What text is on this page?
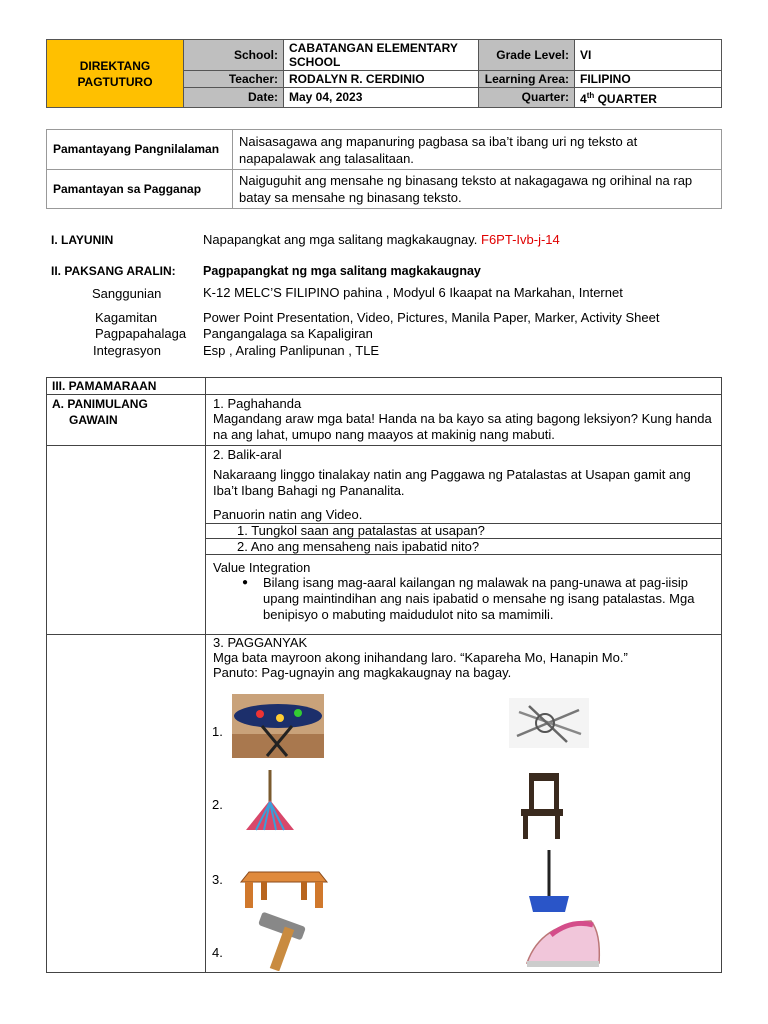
DIREKTANG PAGTUTURO	School:	CABATANGAN ELEMENTARY SCHOOL	Grade Level:	VI
	Teacher:	RODALYN R. CERDINIO	Learning Area:	FILIPINO
	Date:	May 04, 2023	Quarter:	4th QUARTER
Pamantayang Pangnilalaman	Naisasagawa ang mapanuring pagbasa sa iba’t ibang uri ng teksto at napapalawak ang talasalitaan.
Pamantayan sa Pagganap	Naiguguhit ang mensahe ng binasang teksto at nakagagawa ng orihinal na rap batay sa mensahe ng binasang teksto.
I. LAYUNIN	Napapangkat ang mga salitang magkakaugnay. F6PT-Ivb-j-14
II. PAKSANG ARALIN: Pagpapangkat ng mga salitang magkakaugnay
Sanggunian	K-12 MELC’S FILIPINO pahina , Modyul 6 Ikaapat na Markahan, Internet
Kagamitan	Power Point Presentation, Video, Pictures, Manila Paper, Marker, Activity Sheet
Pagpapahalaga Pangangalaga sa Kapaligiran
Integrasyon	Esp , Araling Panlipunan , TLE
III. PAMAMARAAN
A. PANIMULANG
GAWAIN
1. Paghahanda
Magandang araw mga bata! Handa na ba kayo sa ating bagong leksiyon? Kung handa na ang lahat, umupo nang maayos at makinig nang mabuti.
2. Balik-aral
Nakaraang linggo tinalakay natin ang Paggawa ng Patalastas at Usapan gamit ang Iba’t Ibang Bahagi ng Pananalita.
Panuorin natin ang Video.
1. Tungkol saan ang patalastas at usapan?
2. Ano ang mensaheng nais ipabatid nito?
Value Integration
● Bilang isang mag-aaral kailangan ng malawak na pang-unawa at pag-iisip upang maintindihan ang nais ipabatid o mensahe ng isang patalastas. Mga benipisyo o mabuting maidudulot nito sa mamimili.
3. PAGGANYAK
Mga bata mayroon akong inihandang laro. “Kapareha Mo, Hanapin Mo.”
Panuto: Pag-ugnayin ang magkakaugnay na bagay.
1.
2.
3.
4.
